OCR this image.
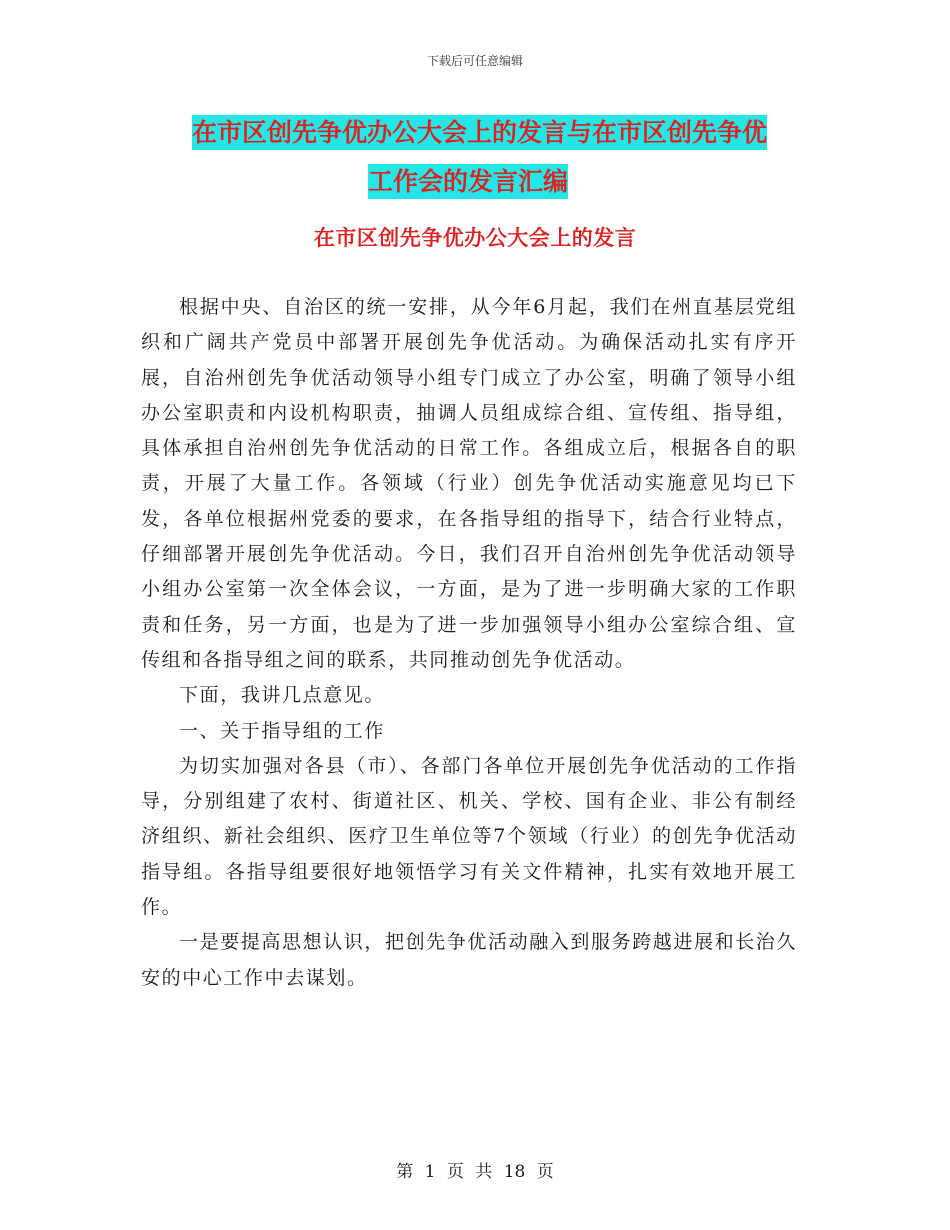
下载后可任意编辑
在市区创先争优办公大会上的发言与在市区创先争优
工作会的发言汇编
在市区创先争优办公大会上的发言

根据中央、自治区的统一安排，从今年6月起，我们在州直基层党组织和广阔共产党员中部署开展创先争优活动。为确保活动扎实有序开展，自治州创先争优活动领导小组专门成立了办公室，明确了领导小组办公室职责和内设机构职责，抽调人员组成综合组、宣传组、指导组，具体承担自治州创先争优活动的日常工作。各组成立后，根据各自的职责，开展了大量工作。各领域（行业）创先争优活动实施意见均已下发，各单位根据州党委的要求，在各指导组的指导下，结合行业特点，仔细部署开展创先争优活动。今日，我们召开自治州创先争优活动领导小组办公室第一次全体会议，一方面，是为了进一步明确大家的工作职责和任务，另一方面，也是为了进一步加强领导小组办公室综合组、宣传组和各指导组之间的联系，共同推动创先争优活动。

下面，我讲几点意见。

一、关于指导组的工作

为切实加强对各县（市）、各部门各单位开展创先争优活动的工作指导，分别组建了农村、街道社区、机关、学校、国有企业、非公有制经济组织、新社会组织、医疗卫生单位等7个领域（行业）的创先争优活动指导组。各指导组要很好地领悟学习有关文件精神，扎实有效地开展工作。

一是要提高思想认识，把创先争优活动融入到服务跨越进展和长治久安的中心工作中去谋划。

第 1 页 共 18 页
